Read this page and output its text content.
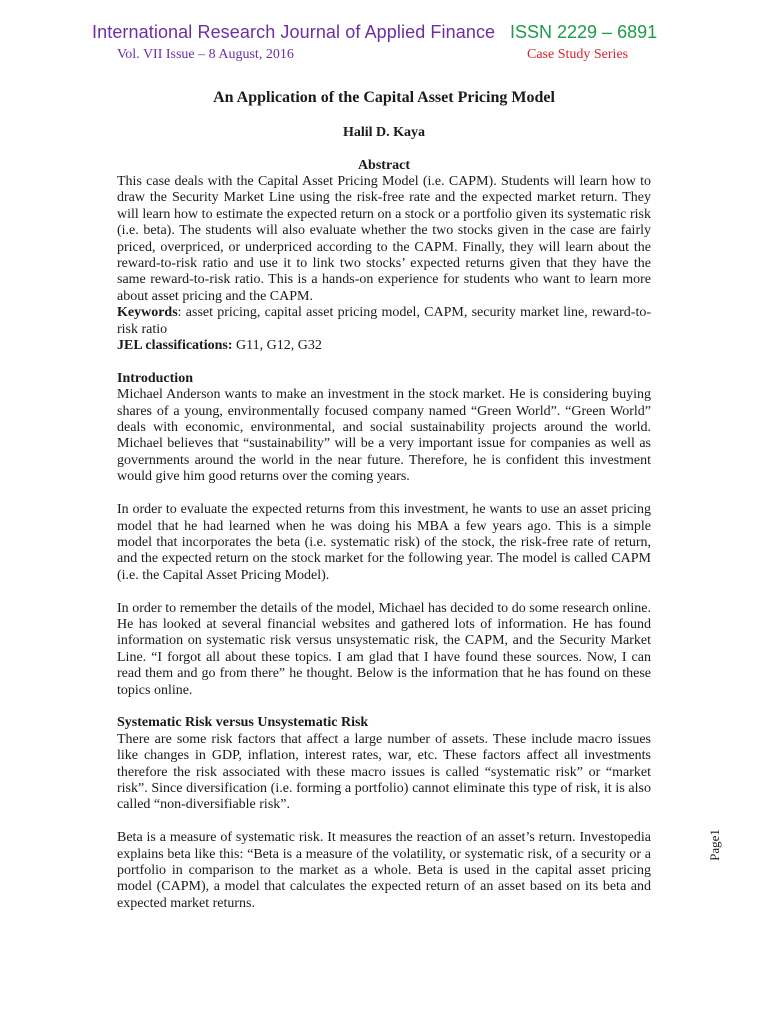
International Research Journal of Applied Finance ISSN 2229 – 6891
Vol. VII Issue – 8 August, 2016	Case Study Series
An Application of the Capital Asset Pricing Model
Halil D. Kaya
Abstract

This case deals with the Capital Asset Pricing Model (i.e. CAPM). Students will learn how to draw the Security Market Line using the risk-free rate and the expected market return. They will learn how to estimate the expected return on a stock or a portfolio given its systematic risk (i.e. beta). The students will also evaluate whether the two stocks given in the case are fairly priced, overpriced, or underpriced according to the CAPM. Finally, they will learn about the reward-to-risk ratio and use it to link two stocks’ expected returns given that they have the same reward-to-risk ratio. This is a hands-on experience for students who want to learn more about asset pricing and the CAPM.

Keywords: asset pricing, capital asset pricing model, CAPM, security market line, reward-to-risk ratio

JEL classifications: G11, G12, G32

Introduction

Michael Anderson wants to make an investment in the stock market. He is considering buying shares of a young, environmentally focused company named “Green World”. “Green World” deals with economic, environmental, and social sustainability projects around the world. Michael believes that “sustainability” will be a very important issue for companies as well as governments around the world in the near future. Therefore, he is confident this investment would give him good returns over the coming years.

In order to evaluate the expected returns from this investment, he wants to use an asset pricing model that he had learned when he was doing his MBA a few years ago. This is a simple model that incorporates the beta (i.e. systematic risk) of the stock, the risk-free rate of return, and the expected return on the stock market for the following year. The model is called CAPM (i.e. the Capital Asset Pricing Model).

In order to remember the details of the model, Michael has decided to do some research online. He has looked at several financial websites and gathered lots of information. He has found information on systematic risk versus unsystematic risk, the CAPM, and the Security Market Line. “I forgot all about these topics. I am glad that I have found these sources. Now, I can read them and go from there” he thought. Below is the information that he has found on these topics online.

Systematic Risk versus Unsystematic Risk

There are some risk factors that affect a large number of assets. These include macro issues like changes in GDP, inflation, interest rates, war, etc. These factors affect all investments therefore the risk associated with these macro issues is called “systematic risk” or “market risk”. Since diversification (i.e. forming a portfolio) cannot eliminate this type of risk, it is also called “non-diversifiable risk”.

Beta is a measure of systematic risk. It measures the reaction of an asset’s return. Investopedia explains beta like this: “Beta is a measure of the volatility, or systematic risk, of a security or a portfolio in comparison to the market as a whole. Beta is used in the capital asset pricing model (CAPM), a model that calculates the expected return of an asset based on its beta and expected market returns.

Page1
